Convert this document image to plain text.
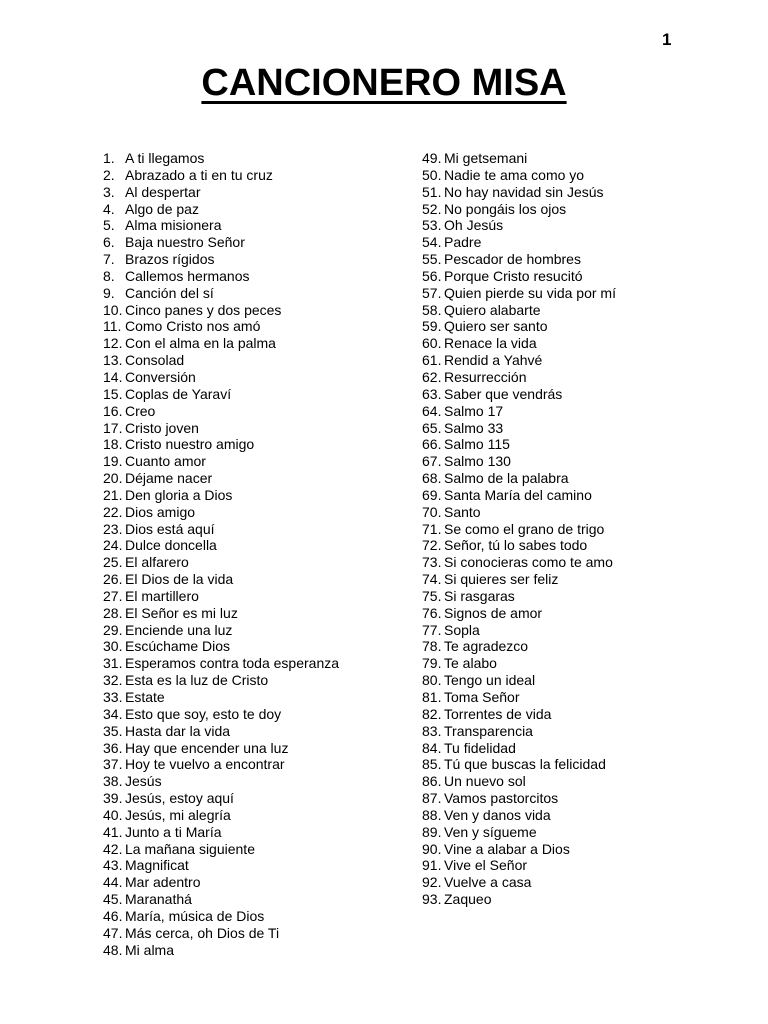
1
CANCIONERO MISA
1. A ti llegamos
2. Abrazado a ti en tu cruz
3. Al despertar
4. Algo de paz
5. Alma misionera
6. Baja nuestro Señor
7. Brazos rígidos
8. Callemos hermanos
9. Canción del sí
10. Cinco panes y dos peces
11. Como Cristo nos amó
12. Con el alma en la palma
13. Consolad
14. Conversión
15. Coplas de Yaraví
16. Creo
17. Cristo joven
18. Cristo nuestro amigo
19. Cuanto amor
20. Déjame nacer
21. Den gloria a Dios
22. Dios amigo
23. Dios está aquí
24. Dulce doncella
25. El alfarero
26. El Dios de la vida
27. El martillero
28. El Señor es mi luz
29. Enciende una luz
30. Escúchame Dios
31. Esperamos contra toda esperanza
32. Esta es la luz de Cristo
33. Estate
34. Esto que soy, esto te doy
35. Hasta dar la vida
36. Hay que encender una luz
37. Hoy te vuelvo a encontrar
38. Jesús
39. Jesús, estoy aquí
40. Jesús, mi alegría
41. Junto a ti María
42. La mañana siguiente
43. Magnificat
44. Mar adentro
45. Maranathá
46. María, música de Dios
47. Más cerca, oh Dios de Ti
48. Mi alma
49. Mi getsemani
50. Nadie te ama como yo
51. No hay navidad sin Jesús
52. No pongáis los ojos
53. Oh Jesús
54. Padre
55. Pescador de hombres
56. Porque Cristo resucitó
57. Quien pierde su vida por mí
58. Quiero alabarte
59. Quiero ser santo
60. Renace la vida
61. Rendid a Yahvé
62. Resurrección
63. Saber que vendrás
64. Salmo 17
65. Salmo 33
66. Salmo 115
67. Salmo 130
68. Salmo de la palabra
69. Santa María del camino
70. Santo
71. Se como el grano de trigo
72. Señor, tú lo sabes todo
73. Si conocieras como te amo
74. Si quieres ser feliz
75. Si rasgaras
76. Signos de amor
77. Sopla
78. Te agradezco
79. Te alabo
80. Tengo un ideal
81. Toma Señor
82. Torrentes de vida
83. Transparencia
84. Tu fidelidad
85. Tú que buscas la felicidad
86. Un nuevo sol
87. Vamos pastorcitos
88. Ven y danos vida
89. Ven y sígueme
90. Vine a alabar a Dios
91. Vive el Señor
92. Vuelve a casa
93. Zaqueo
